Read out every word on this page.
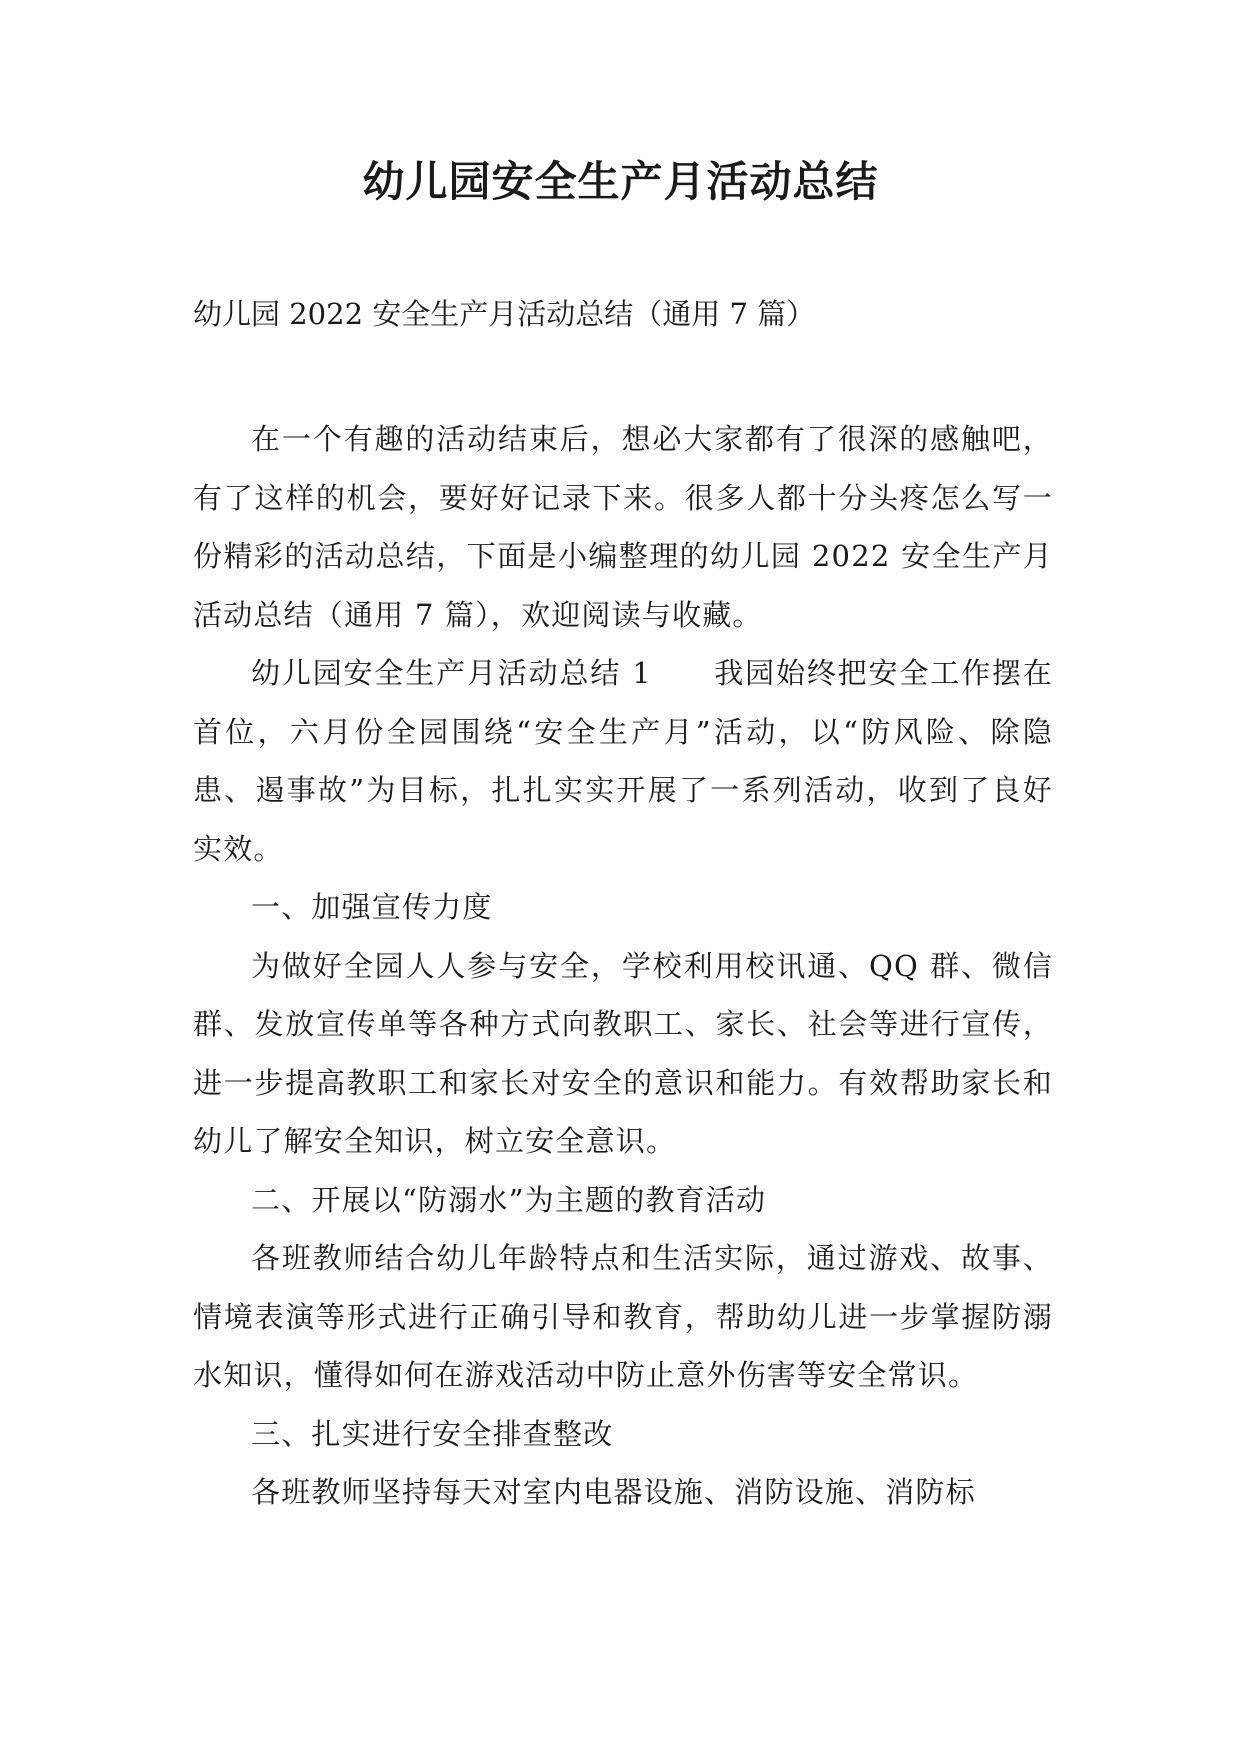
幼儿园安全生产月活动总结
幼儿园 2022 安全生产月活动总结（通用 7 篇）

在一个有趣的活动结束后，想必大家都有了很深的感触吧，有了这样的机会，要好好记录下来。很多人都十分头疼怎么写一份精彩的活动总结，下面是小编整理的幼儿园 2022 安全生产月活动总结（通用 7 篇），欢迎阅读与收藏。

幼儿园安全生产月活动总结 1　　我园始终把安全工作摆在首位，六月份全园围绕“安全生产月”活动，以“防风险、除隐患、遏事故”为目标，扎扎实实开展了一系列活动，收到了良好实效。

一、加强宣传力度

为做好全园人人参与安全，学校利用校讯通、QQ 群、微信群、发放宣传单等各种方式向教职工、家长、社会等进行宣传，进一步提高教职工和家长对安全的意识和能力。有效帮助家长和幼儿了解安全知识，树立安全意识。

二、开展以“防溺水”为主题的教育活动

各班教师结合幼儿年龄特点和生活实际，通过游戏、故事、情境表演等形式进行正确引导和教育，帮助幼儿进一步掌握防溺水知识，懂得如何在游戏活动中防止意外伤害等安全常识。

三、扎实进行安全排查整改

各班教师坚持每天对室内电器设施、消防设施、消防标
